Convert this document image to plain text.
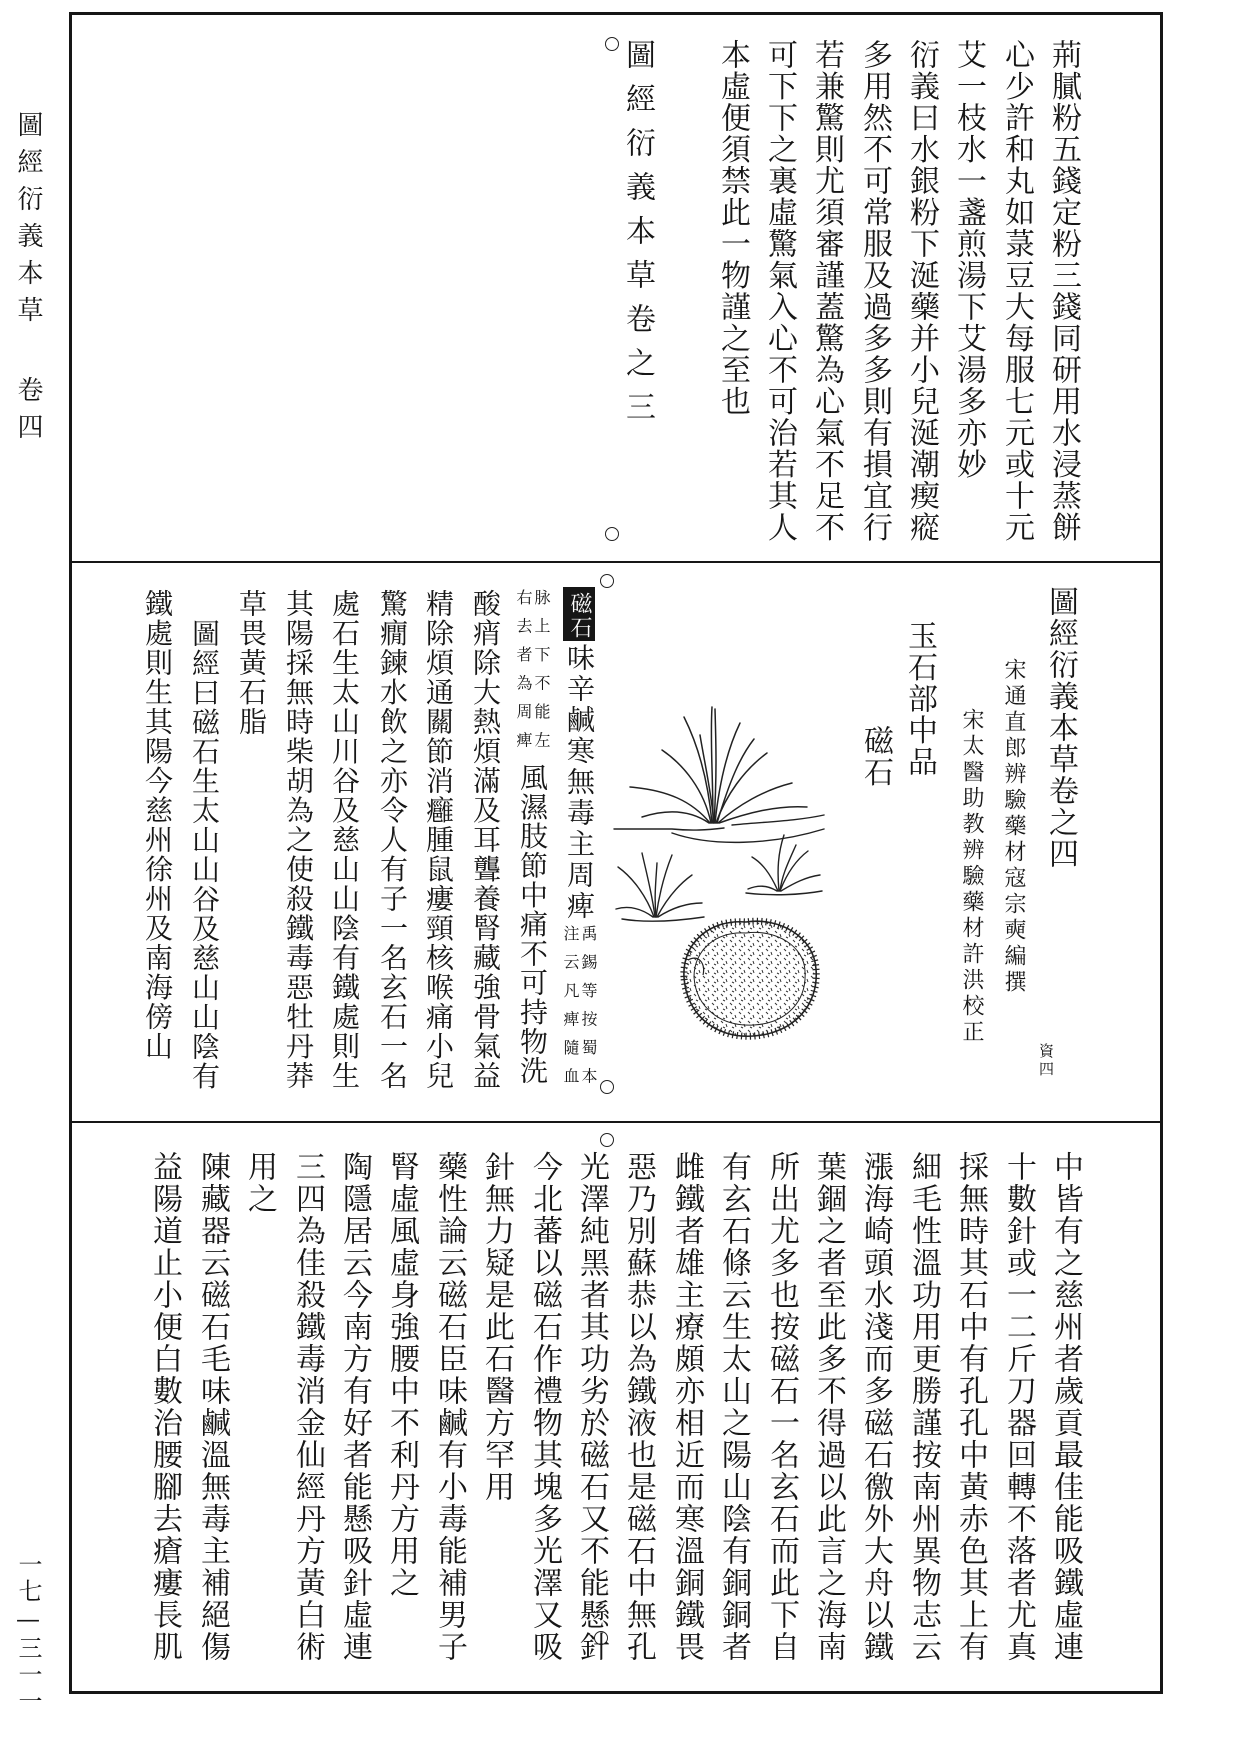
圖經衍義本草
卷四
一七—三一一
荊膩粉五錢定粉三錢同研用水浸蒸餅
心少許和丸如菉豆大每服七元或十元
艾一枝水一盞煎湯下艾湯多亦妙
衍義曰水銀粉下涎藥并小兒涎潮瘈瘲
多用然不可常服及過多多則有損宜行
若兼驚則尤須審謹蓋驚為心氣不足不
可下下之裏虛驚氣入心不可治若其人
本虛便須禁此一物謹之至也
圖經衍義本草卷之三
圖經衍義本草卷之四
宋通直郎辨驗藥材寇宗奭編撰
宋太醫助教辨驗藥材許洪校正
玉石部中品
磁石
資四
磁石
味辛鹹寒無毒主周痺
禹錫等按蜀本
注云凡痺隨血
脉上下不能左
右去者為周痺
風濕肢節中痛不可持物洗
酸痟除大熱煩滿及耳聾養腎藏強骨氣益
精除煩通關節消癰腫鼠瘻頸核喉痛小兒
驚癇鍊水飲之亦令人有子一名玄石一名
處石生太山川谷及慈山山陰有鐵處則生
其陽採無時柴胡為之使殺鐵毒惡牡丹莽
草畏黃石脂
圖經曰磁石生太山山谷及慈山山陰有
鐵處則生其陽今慈州徐州及南海傍山
中皆有之慈州者歲貢最佳能吸鐵虛連
十數針或一二斤刀器回轉不落者尤真
採無時其石中有孔孔中黃赤色其上有
細毛性溫功用更勝謹按南州異物志云
漲海崎頭水淺而多磁石徼外大舟以鐵
葉錮之者至此多不得過以此言之海南
所出尤多也按磁石一名玄石而此下自
有玄石條云生太山之陽山陰有銅銅者
雌鐵者雄主療頗亦相近而寒溫銅鐵畏
惡乃別蘇恭以為鐵液也是磁石中無孔
光澤純黑者其功劣於磁石又不能懸針
今北蕃以磁石作禮物其塊多光澤又吸
針無力疑是此石醫方罕用
藥性論云磁石臣味鹹有小毒能補男子
腎虛風虛身強腰中不利丹方用之
陶隱居云今南方有好者能懸吸針虛連
三四為佳殺鐵毒消金仙經丹方黃白術
用之
陳藏器云磁石毛味鹹溫無毒主補絕傷
益陽道止小便白數治腰腳去瘡瘻長肌
